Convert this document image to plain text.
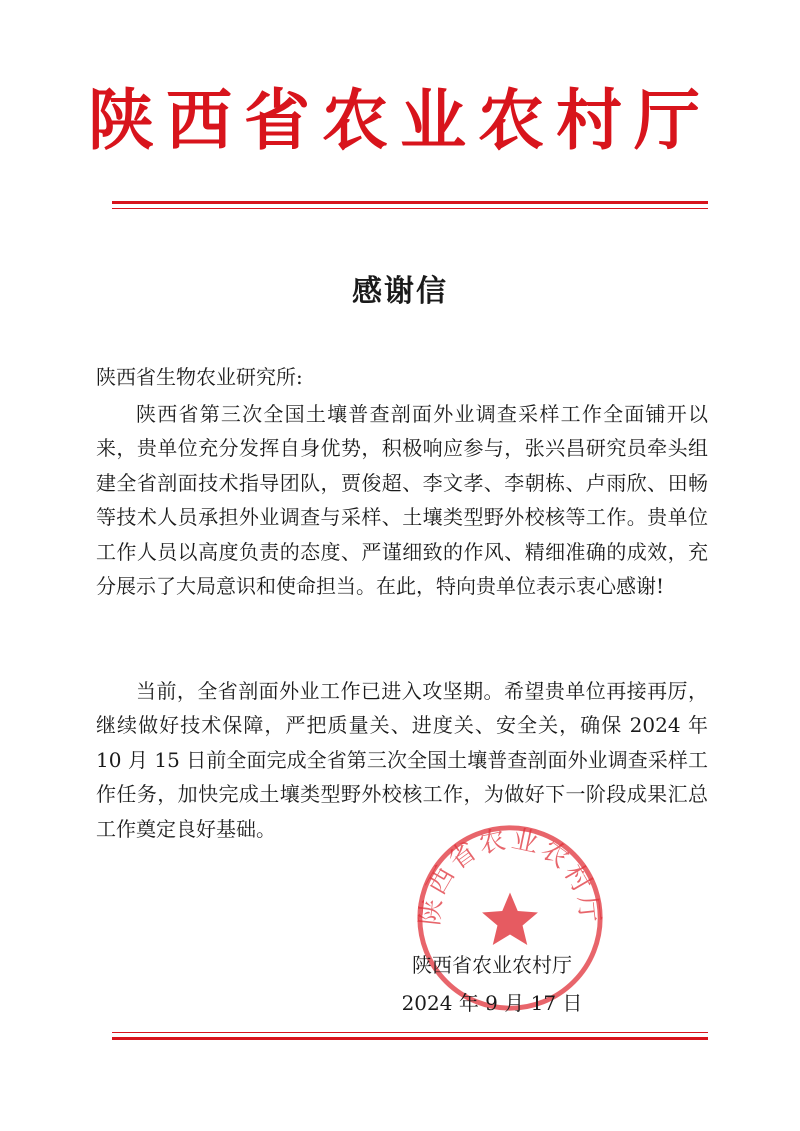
陕西省农业农村厅
感谢信
陕西省生物农业研究所:

陕西省第三次全国土壤普查剖面外业调查采样工作全面铺开以来，贵单位充分发挥自身优势，积极响应参与，张兴昌研究员牵头组建全省剖面技术指导团队，贾俊超、李文孝、李朝栋、卢雨欣、田畅等技术人员承担外业调查与采样、土壤类型野外校核等工作。贵单位工作人员以高度负责的态度、严谨细致的作风、精细准确的成效，充分展示了大局意识和使命担当。在此，特向贵单位表示衷心感谢!

当前，全省剖面外业工作已进入攻坚期。希望贵单位再接再厉，继续做好技术保障，严把质量关、进度关、安全关，确保 2024 年 10 月 15 日前全面完成全省第三次全国土壤普查剖面外业调查采样工作任务，加快完成土壤类型野外校核工作，为做好下一阶段成果汇总工作奠定良好基础。

陕西省农业农村厅
陕西省农业农村厅
2024 年 9 月 17 日
